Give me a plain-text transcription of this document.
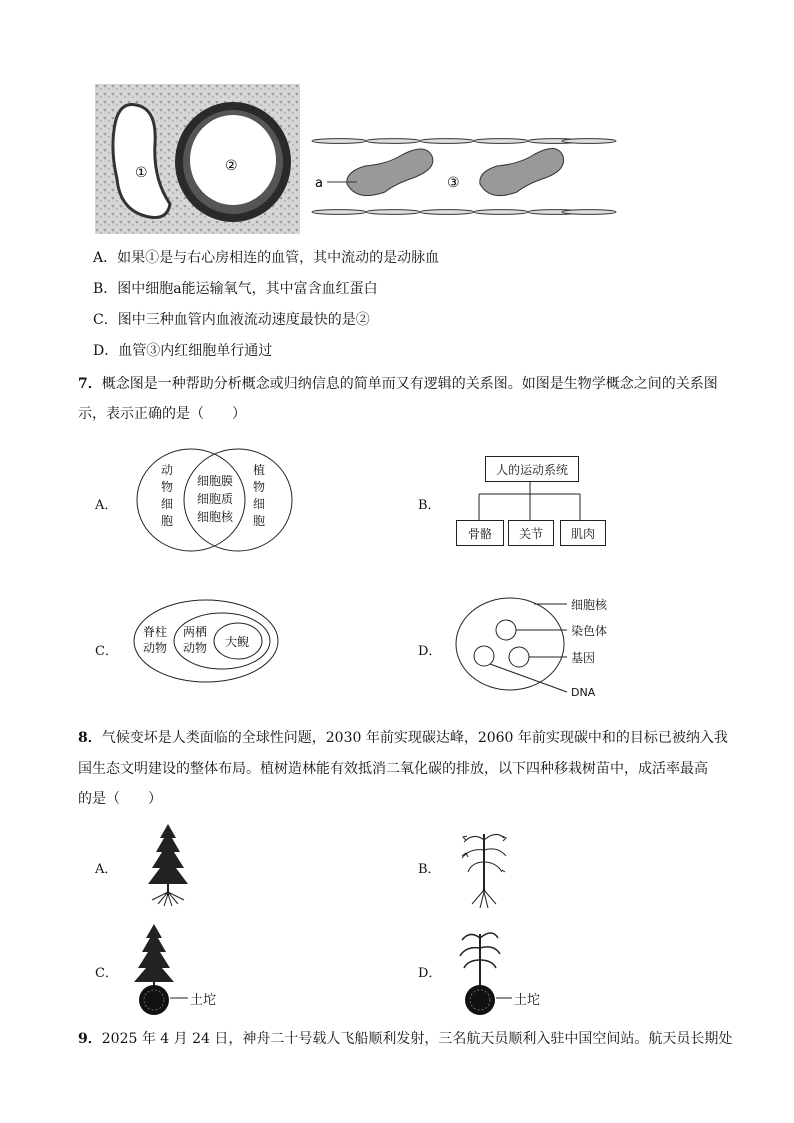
①	②
a	③
A．如果①是与右心房相连的血管，其中流动的是动脉血
B．图中细胞a能运输氧气，其中富含血红蛋白
C．图中三种血管内血液流动速度最快的是②
D．血管③内红细胞单行通过
7．概念图是一种帮助分析概念或归纳信息的简单而又有逻辑的关系图。如图是生物学概念之间的关系图
示，表示正确的是（　　）
A．
动
物
细
胞
细胞膜
细胞质
细胞核
植
物
细
胞
B．
人的运动系统
骨骼	关节	肌肉
C．
脊柱
动物
两栖
动物 大鲵
D．
细胞核
染色体
基因
DNA
8．气候变坏是人类面临的全球性问题，2030 年前实现碳达峰，2060 年前实现碳中和的目标已被纳入我
国生态文明建设的整体布局。植树造林能有效抵消二氧化碳的排放，以下四种移栽树苗中，成活率最高
的是（　　）
A．	B．
C．
土坨
D．
土坨
9．2025 年 4 月 24 日，神舟二十号载人飞船顺利发射，三名航天员顺利入驻中国空间站。航天员长期处
